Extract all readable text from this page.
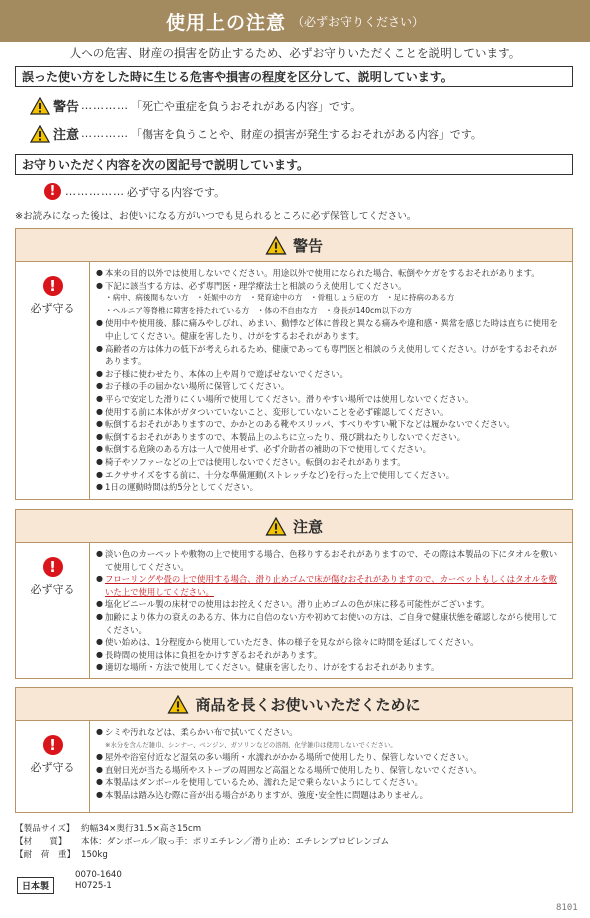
使用上の注意 （必ずお守りください）
人への危害、財産の損害を防止するため、必ずお守りいただくことを説明しています。
誤った使い方をした時に生じる危害や損害の程度を区分して、説明しています。
警告 ………… 「死亡や重症を負うおそれがある内容」です。
注意 ………… 「傷害を負うことや、財産の損害が発生するおそれがある内容」です。
お守りいただく内容を次の図記号で説明しています。
! …………… 必ず守る内容です。
※お読みになった後は、お使いになる方がいつでも見られるところに必ず保管してください。
警告
!
必ず守る
● 本来の目的以外では使用しないでください。用途以外で使用になられた場合、転倒やケガをするおそれがあります。
● 下記に該当する方は、必ず専門医・理学療法士と相談のうえ使用してください。
・病中、病後間もない方　・妊娠中の方　・発育途中の方　・骨粗しょう症の方　・足に持病のある方
・ヘルニア等脊椎に障害を持たれている方　・体の不自由な方　・身長が140cm以下の方
● 使用中や使用後、膝に痛みやしびれ、めまい、動悸など体に普段と異なる痛みや違和感・異常を感じた時は直ちに使用を中止してください。健康を害したり、けがをするおそれがあります。
● 高齢者の方は体力の低下が考えられるため、健康であっても専門医と相談のうえ使用してください。けがをするおそれがあります。
● お子様に使わせたり、本体の上や周りで遊ばせないでください。
● お子様の手の届かない場所に保管してください。
● 平らで安定した滑りにくい場所で使用してください。滑りやすい場所では使用しないでください。
● 使用する前に本体がガタついていないこと、変形していないことを必ず確認してください。
● 転倒するおそれがありますので、かかとのある靴やスリッパ、すべりやすい靴下などは履かないでください。
● 転倒するおそれがありますので、本製品上のふちに立ったり、飛び跳ねたりしないでください。
● 転倒する危険のある方は一人で使用せず、必ず介助者の補助の下で使用してください。
● 椅子やソファーなどの上では使用しないでください。転倒のおそれがあります。
● エクササイズをする前に、十分な準備運動(ストレッチなど)を行った上で使用してください。
● 1日の運動時間は約5分としてください。
注意
!
必ず守る
● 淡い色のカーペットや敷物の上で使用する場合、色移りするおそれがありますので、その際は本製品の下にタオルを敷いて使用してください。
● フローリングや畳の上で使用する場合、滑り止めゴムで床が傷むおそれがありますので、カーペットもしくはタオルを敷いた上で使用してください。
● 塩化ビニール製の床材での使用はお控えください。滑り止めゴムの色が床に移る可能性がございます。
● 加齢により体力の衰えのある方、体力に自信のない方や初めてお使いの方は、ご自身で健康状態を確認しながら使用してください。
● 使い始めは、1分程度から使用していただき、体の様子を見ながら徐々に時間を延ばしてください。
● 長時間の使用は体に負担をかけすぎるおそれがあります。
● 適切な場所・方法で使用してください。健康を害したり、けがをするおそれがあります。
商品を長くお使いいただくために
!
必ず守る
● シミや汚れなどは、柔らかい布で拭いてください。
※水分を含んだ雑巾、シンナー、ベンジン、ガソリンなどの溶剤、化学雑巾は使用しないでください。
● 屋外や浴室付近など湿気の多い場所・水濡れがかかる場所で使用したり、保管しないでください。
● 直射日光が当たる場所やストーブの周囲など高温となる場所で使用したり、保管しないでください。
● 本製品はダンボールを使用しているため、濡れた足で乗らないようにしてください。
● 本製品は踏み込む際に音が出る場合がありますが、強度･安全性に問題はありません。
【製品サイズ】 約幅34×奥行31.5×高さ15cm
【材　　質】 本体：ダンボール／取っ手：ポリエチレン／滑り止め：エチレンプロピレンゴム
【耐　荷　重】 150kg
日本製
0070-1640
H0725-1
8101
